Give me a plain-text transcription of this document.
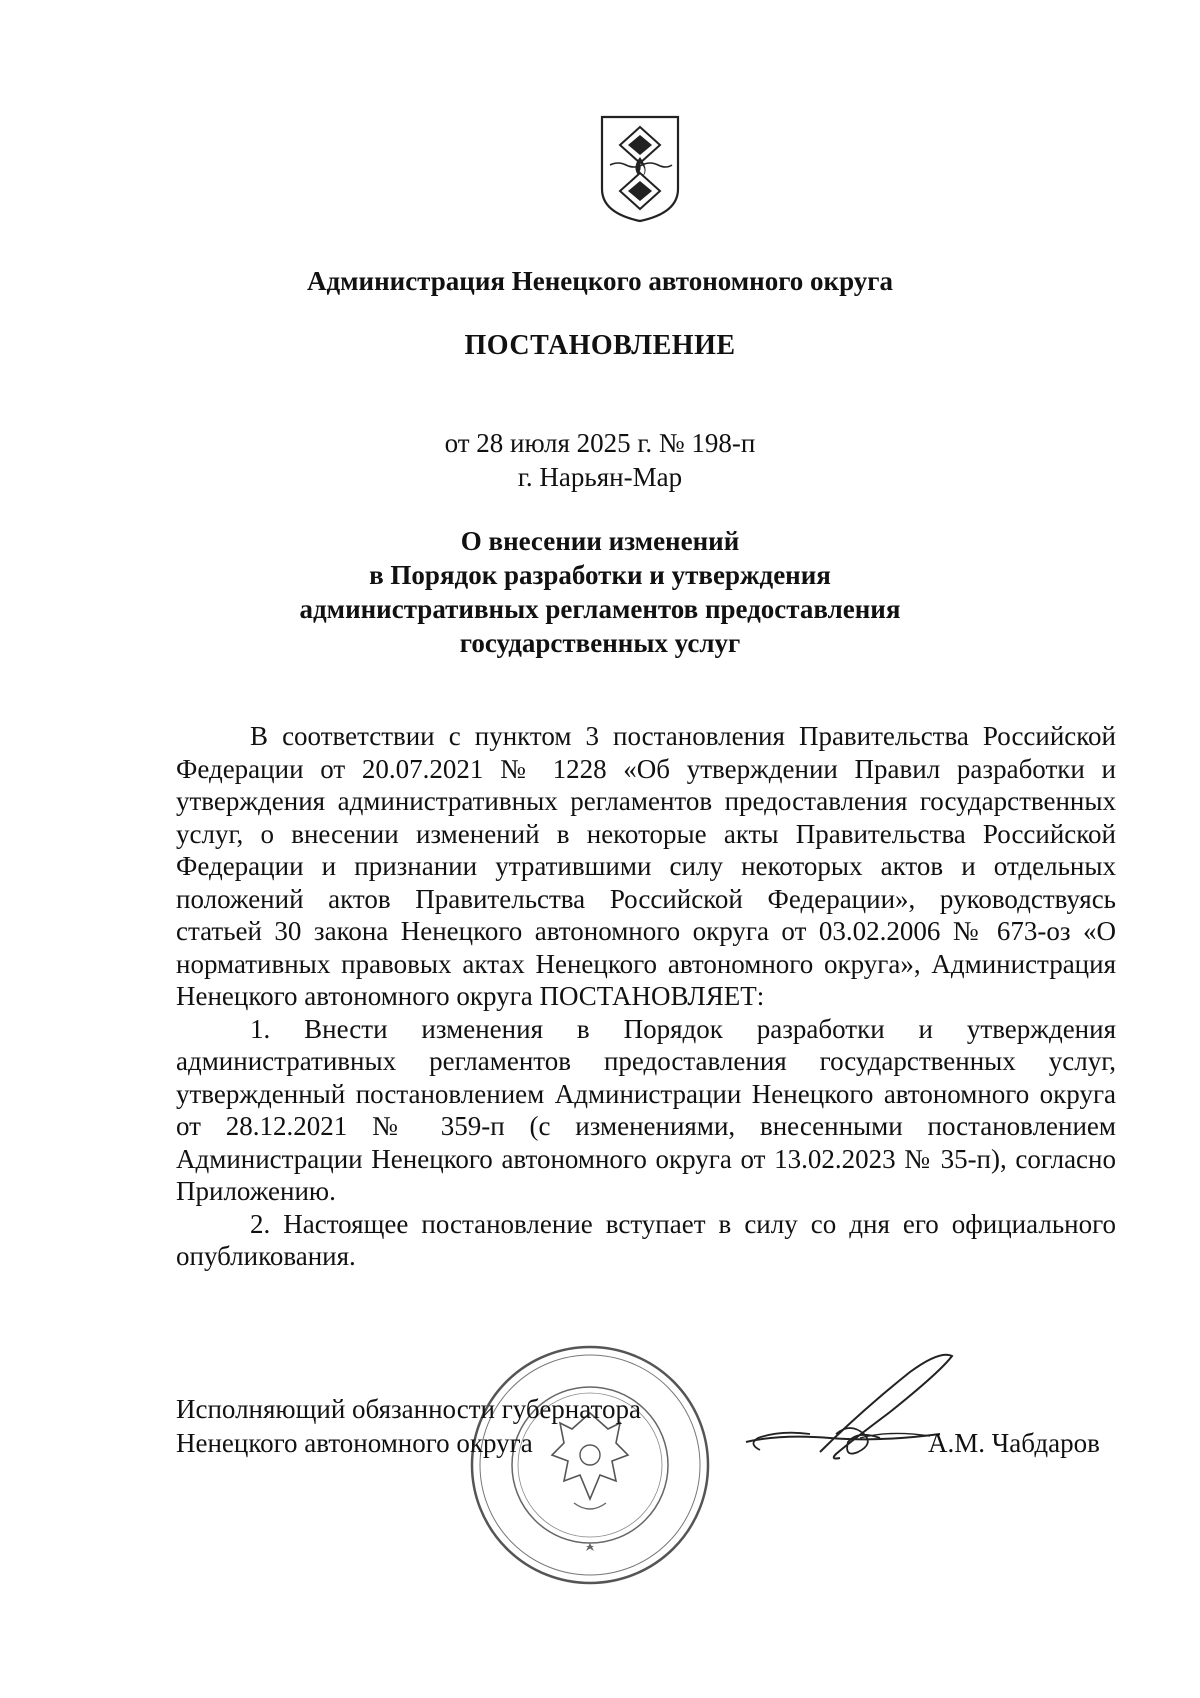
Администрация Ненецкого автономного округа
ПОСТАНОВЛЕНИЕ
от 28 июля 2025 г. № 198-п
г. Нарьян-Мар
О внесении изменений
в Порядок разработки и утверждения
административных регламентов предоставления
государственных услуг

В соответствии с пунктом 3 постановления Правительства Российской Федерации от 20.07.2021 № 1228 «Об утверждении Правил разработки и утверждения административных регламентов предоставления государственных услуг, о внесении изменений в некоторые акты Правительства Российской Федерации и признании утратившими силу некоторых актов и отдельных положений актов Правительства Российской Федерации», руководствуясь статьей 30 закона Ненецкого автономного округа от 03.02.2006 № 673-оз «О нормативных правовых актах Ненецкого автономного округа», Администрация Ненецкого автономного округа ПОСТАНОВЛЯЕТ:

1. Внести изменения в Порядок разработки и утверждения административных регламентов предоставления государственных услуг, утвержденный постановлением Администрации Ненецкого автономного округа от 28.12.2021 № 359-п (с изменениями, внесенными постановлением Администрации Ненецкого автономного округа от 13.02.2023 № 35-п), согласно Приложению.

2. Настоящее постановление вступает в силу со дня его официального опубликования.

Исполняющий обязанности губернатора
Ненецкого автономного округа	А.М. Чабдаров
